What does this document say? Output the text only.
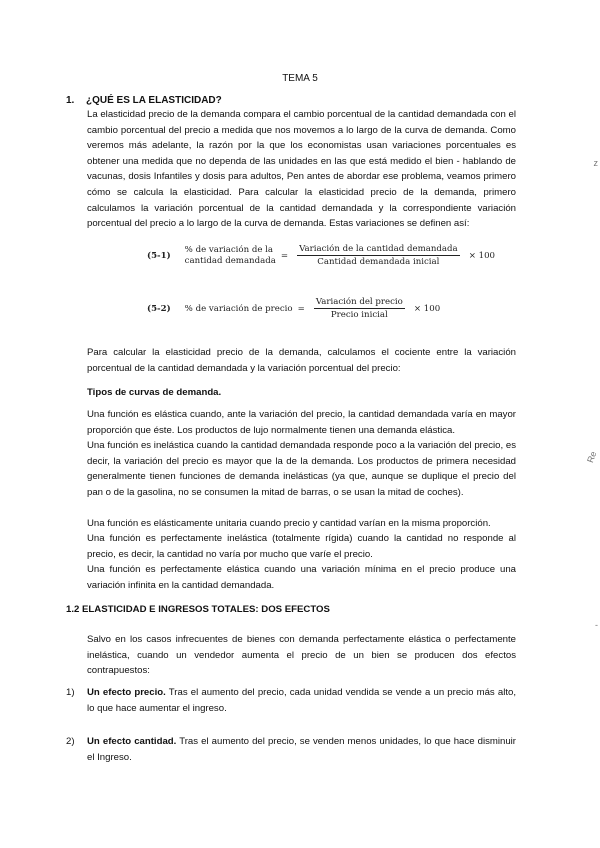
TEMA 5
1. ¿QUÉ ES LA ELASTICIDAD?

La elasticidad precio de la demanda compara el cambio porcentual de la cantidad demandada con el cambio porcentual del precio a medida que nos movemos a lo largo de la curva de demanda. Como veremos más adelante, la razón por la que los economistas usan variaciones porcentuales es obtener una medida que no dependa de las unidades en las que está medido el bien - hablando de vacunas, dosis Infantiles y dosis para adultos, Pen antes de abordar ese problema, veamos primero cómo se calcula la elasticidad. Para calcular la elasticidad precio de la demanda, primero calculamos la variación porcentual de la cantidad demandada y la correspondiente variación porcentual del precio a lo largo de la curva de demanda. Estas variaciones se definen así:

(5-1)
% de variación de la
cantidad demandada = $\frac{\text{Variación de la cantidad demandada}}{\text{Cantidad demandada inicial}} \times 100$
(5-2) % de variación de precio = $\frac{\text{Variación del precio}}{\text{Precio inicial}} \times 100$

Para calcular la elasticidad precio de la demanda, calculamos el cociente entre la variación porcentual de la cantidad demandada y la variación porcentual del precio:

Tipos de curvas de demanda.

Una función es elástica cuando, ante la variación del precio, la cantidad demandada varía en mayor proporción que éste. Los productos de lujo normalmente tienen una demanda elástica.

Una función es inelástica cuando la cantidad demandada responde poco a la variación del precio, es decir, la variación del precio es mayor que la de la demanda. Los productos de primera necesidad generalmente tienen funciones de demanda inelásticas (ya que, aunque se duplique el precio del pan o de la gasolina, no se consumen la mitad de barras, o se usan la mitad de coches).

Una función es elásticamente unitaria cuando precio y cantidad varían en la misma proporción.

Una función es perfectamente inelástica (totalmente rígida) cuando la cantidad no responde al precio, es decir, la cantidad no varía por mucho que varíe el precio.

Una función es perfectamente elástica cuando una variación mínima en el precio produce una variación infinita en la cantidad demandada.

1.2 ELASTICIDAD E INGRESOS TOTALES: DOS EFECTOS

Salvo en los casos infrecuentes de bienes con demanda perfectamente elástica o perfectamente inelástica, cuando un vendedor aumenta el precio de un bien se producen dos efectos contrapuestos:

1) Un efecto precio. Tras el aumento del precio, cada unidad vendida se vende a un precio más alto, lo que hace aumentar el ingreso.
2) Un efecto cantidad. Tras el aumento del precio, se venden menos unidades, lo que hace disminuir el Ingreso.
z
Re
-
